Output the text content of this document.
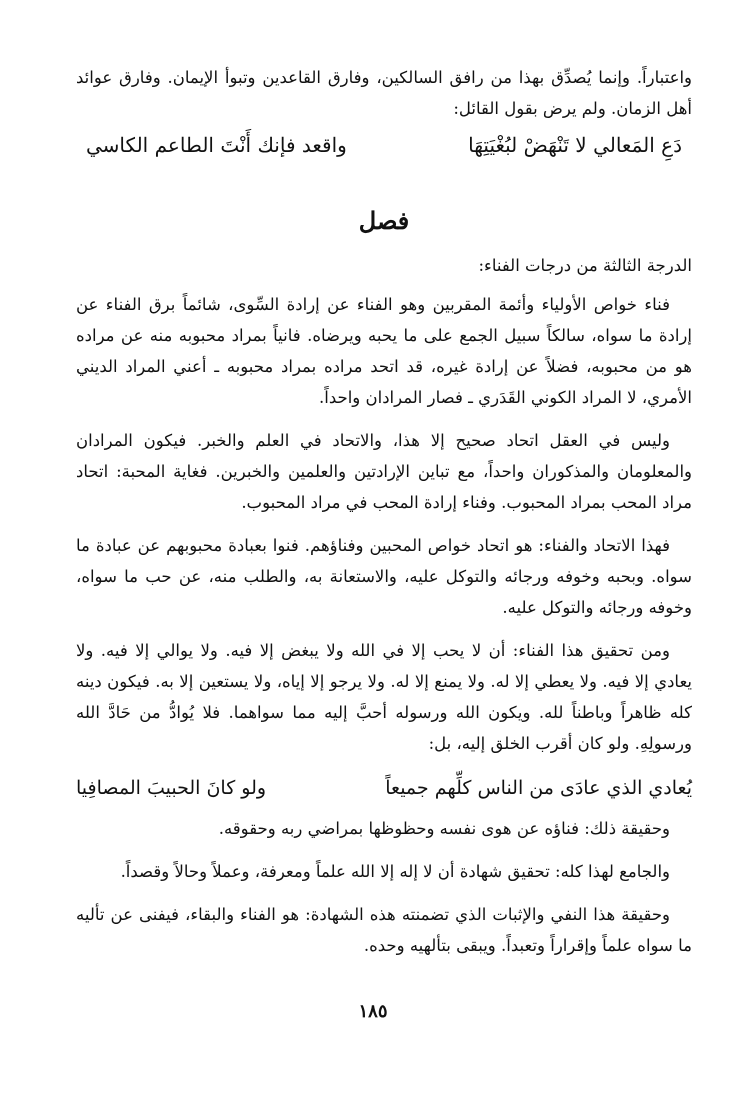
واعتباراً. وإنما يُصدِّق بهذا من رافق السالكين، وفارق القاعدين وتبوأ الإيمان. وفارق عوائد أهل الزمان. ولم يرض بقول القائل:

دَعِ المَعالي لا تَنْهَضْ لبُغْيَتِهَا
واقعد فإنك أَنْتَ الطاعم الكاسي
فصل

الدرجة الثالثة من درجات الفناء:

فناء خواص الأولياء وأئمة المقربين وهو الفناء عن إرادة السِّوى، شائماً برق الفناء عن إرادة ما سواه، سالكاً سبيل الجمع على ما يحبه ويرضاه. فانياً بمراد محبوبه منه عن مراده هو من محبوبه، فضلاً عن إرادة غيره، قد اتحد مراده بمراد محبوبه ـ أعني المراد الديني الأمري، لا المراد الكوني القَدَري ـ فصار المرادان واحداً.

وليس في العقل اتحاد صحيح إلا هذا، والاتحاد في العلم والخبر. فيكون المرادان والمعلومان والمذكوران واحداً، مع تباين الإرادتين والعلمين والخبرين. فغاية المحبة: اتحاد مراد المحب بمراد المحبوب. وفناء إرادة المحب في مراد المحبوب.

فهذا الاتحاد والفناء: هو اتحاد خواص المحبين وفناؤهم. فنوا بعبادة محبوبهم عن عبادة ما سواه. وبحبه وخوفه ورجائه والتوكل عليه، والاستعانة به، والطلب منه، عن حب ما سواه، وخوفه ورجائه والتوكل عليه.

ومن تحقيق هذا الفناء: أن لا يحب إلا في الله ولا يبغض إلا فيه. ولا يوالي إلا فيه. ولا يعادي إلا فيه. ولا يعطي إلا له. ولا يمنع إلا له. ولا يرجو إلا إياه، ولا يستعين إلا به. فيكون دينه كله ظاهراً وباطناً لله. ويكون الله ورسوله أحبَّ إليه مما سواهما. فلا يُوادُّ من حَادَّ الله ورسولِهِ. ولو كان أقرب الخلق إليه، بل:

يُعادي الذي عادَى من الناس كلِّهم جميعاً
ولو كانَ الحبيبَ المصافِيا

وحقيقة ذلك: فناؤه عن هوى نفسه وحظوظها بمراضي ربه وحقوقه.

والجامع لهذا كله: تحقيق شهادة أن لا إله إلا الله علماً ومعرفة، وعملاً وحالاً وقصداً.

وحقيقة هذا النفي والإثبات الذي تضمنته هذه الشهادة: هو الفناء والبقاء، فيفنى عن تأليه ما سواه علماً وإقراراً وتعبداً. ويبقى بتألهيه وحده.

١٨٥
